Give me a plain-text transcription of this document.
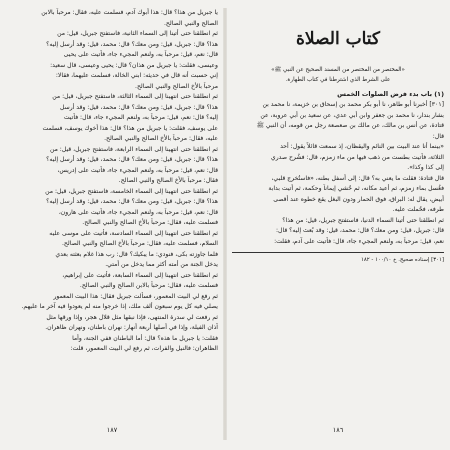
يا جبريل من هذا؟ قال: هذا أبوك آدم، فسلمت عليه، فقال: مرحباً بالابن
الصالح والنبي الصالح.
ثم انطلقنا حتى أتينا إلى السماء الثانية، فاستفتح جبريل، قيل: من
هذا؟ قال: جبريل، قيل: ومن معك؟ قال: محمد، قيل: وقد أرسل إليه؟
قال: نعم، قيل: مرحباً به، ولنعم المجيء جاء، فأتيت على يحيى
وعيسى، فقلت: يا جبريل من هذان؟ قال: يحيى وعيسى، قال سعيد:
إني حسبت أنه قال في حديثه: ابني الخالة، فسلمت عليهما، فقالا:
مرحباً بالأخ الصالح والنبي الصالح.
ثم انطلقنا حتى انتهينا إلى السماء الثالثة، فاستفتح جبريل، قيل: من
هذا؟ قال: جبريل، قيل: ومن معك؟ قال: محمد، قيل: وقد أرسل
إليه؟ قال: نعم، قيل: مرحباً به، ولنعم المجيء جاء، قال: فأتيت
على يوسف، فقلت: يا جبريل من هذا؟ قال: هذا أخوك يوسف، فسلمت
عليه، فقال: مرحباً بالأخ الصالح والنبي الصالح.
ثم انطلقنا حتى انتهينا إلى السماء الرابعة، فاستفتح جبريل، قيل: من
هذا؟ قال: جبريل، قيل: ومن معك؟ قال: محمد، قيل: وقد أرسل إليه؟
قال: نعم، قيل: مرحباً به، ولنعم المجيء جاء، فأتيت على إدريس،
فقال: مرحباً بالأخ الصالح والنبي الصالح.
ثم انطلقنا حتى انتهينا إلى السماء الخامسة، فاستفتح جبريل، قيل: من
هذا؟ قال: جبريل، قيل: ومن معك؟ قال: محمد، قيل: وقد أرسل إليه؟
قال: نعم، قيل: مرحباً به، ولنعم المجيء جاء، فأتيت على هارون،
فسلمت عليه، فقال: مرحباً بالأخ الصالح والنبي الصالح.
ثم انطلقنا حتى انتهينا إلى السماء السادسة، فأتيت على موسى عليه
السلام، فسلمت عليه، فقال: مرحباً بالأخ الصالح والنبي الصالح.
فلما جاوزته بكى، فنودي: ما يبكيك؟ قال: رب هذا غلام بعثته بعدي
يدخل الجنة من أمته أكثر مما يدخل من أمتي.
ثم انطلقنا حتى انتهينا إلى السماء السابعة، فأتيت على إبراهيم،
فسلمت عليه، فقال: مرحباً بالابن الصالح والنبي الصالح.
ثم رفع لي البيت المعمور، فسألت جبريل فقال: هذا البيت المعمور
يصلي فيه كل يوم سبعون ألف ملك، إذا خرجوا منه لم يعودوا فيه آخر ما عليهم.
ثم رفعت لي سدرة المنتهى، فإذا نبقها مثل قلال هجر، وإذا ورقها مثل
آذان الفيلة، وإذا في أصلها أربعة أنهار: نهران باطنان، ونهران ظاهران.
فقلت: يا جبريل ما هذه؟ قال: أما الباطنان ففي الجنة، وأما
الظاهران: فالنيل والفرات، ثم رفع لي البيت المعمور، قلت:
١٨٧
كتاب الصلاة
«المختصر من المختصر من المسند الصحيح عن النبي ﷺ»
على الشرط الذي اشترطنا في كتاب الطهارة.
(١) باب بدء فرض الصلوات الخمس
[٣٠١] أخبرنا أبو طاهر، نا أبو بكر محمد بن إسحاق بن خزيمة، نا محمد بن
بشار بندار، نا محمد بن جعفر وابن أبي عدي، عن سعيد بن أبي عروبة، عن
قتادة، عن أنس بن مالك، عن مالك بن صعصعة رجل من قومه، أن النبي ﷺ
قال:
«بينما أنا عند البيت بين النائم واليقظان، إذ سمعت قائلاً يقول: أحد
الثلاثة، فأُتيت بطست من ذهب فيها من ماء زمزم، قال: فشُرح صدري
إلى كذا وكذا».
قال قتادة: فقلت ما يعني به؟ قال: إلى أسفل بطنه، «فاستُخرج قلبي،
فغُسل بماء زمزم، ثم أُعيد مكانه، ثم حُشي إيماناً وحكمة، ثم أُتيت بدابة
أبيض، يقال له: البراق، فوق الحمار ودون البغل يقع خطوه عند أقصى
طرفه، فحُملت عليه.
ثم انطلقنا حتى أتينا السماء الدنيا، فاستفتح جبريل، قيل: من هذا؟
قال: جبريل، قيل: ومن معك؟ قال: محمد، قيل: وقد بُعث إليه؟ قال:
نعم، قيل: مرحباً به، ولنعم المجيء جاء، قال: فأتيت على آدم، فقلت:
[٣٠١] إسناده صحيح. خ ١٠٠/١٠ - ١٨٢
١٨٦
